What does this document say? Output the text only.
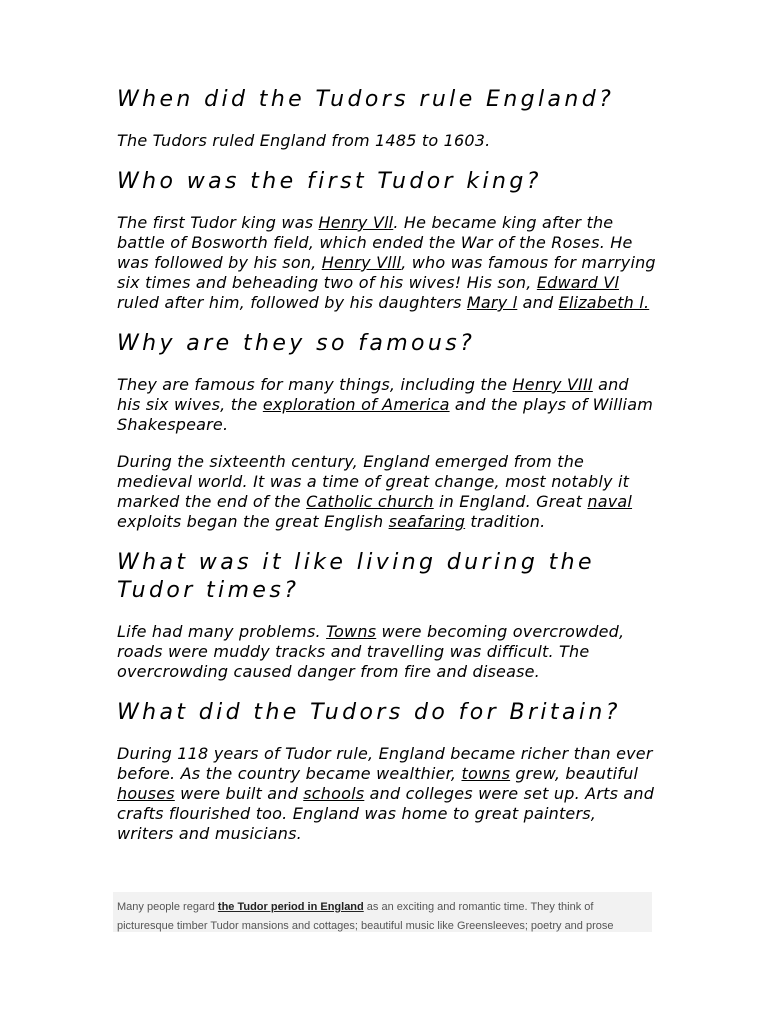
When did the Tudors rule England?

The Tudors ruled England from 1485 to 1603.

Who was the first Tudor king?

The first Tudor king was Henry Vll. He became king after the battle of Bosworth field, which ended the War of the Roses. He was followed by his son, Henry Vlll, who was famous for marrying six times and beheading two of his wives! His son, Edward Vl ruled after him, followed by his daughters Mary l and Elizabeth l.

Why are they so famous?

They are famous for many things, including the Henry VIII and his six wives, the exploration of America and the plays of William Shakespeare.

During the sixteenth century, England emerged from the medieval world. It was a time of great change, most notably it marked the end of the Catholic church in England. Great naval exploits began the great English seafaring tradition.

What was it like living during the Tudor times?

Life had many problems. Towns were becoming overcrowded, roads were muddy tracks and travelling was difficult. The overcrowding caused danger from fire and disease.

What did the Tudors do for Britain?

During 118 years of Tudor rule, England became richer than ever before. As the country became wealthier, towns grew, beautiful houses were built and schools and colleges were set up. Arts and crafts flourished too. England was home to great painters, writers and musicians.

Many people regard the Tudor period in England as an exciting and romantic time. They think of

picturesque timber Tudor mansions and cottages; beautiful music like Greensleeves; poetry and prose
